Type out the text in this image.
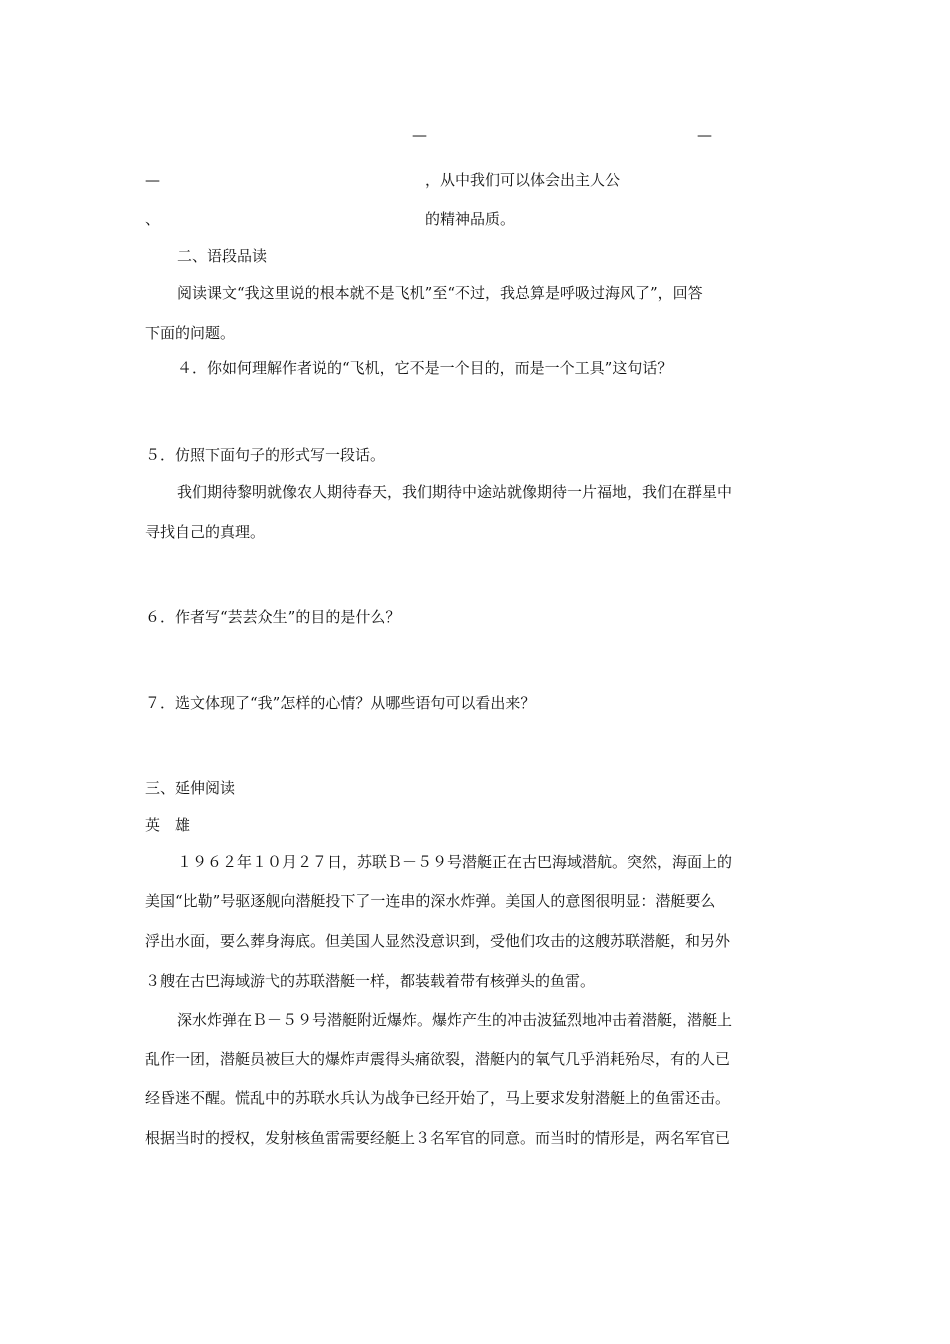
—	—
—	，从中我们可以体会出主人公
、	的精神品质。
二、语段品读
阅读课文“我这里说的根本就不是飞机”至“不过，我总算是呼吸过海风了”，回答
下面的问题。
４．你如何理解作者说的“飞机，它不是一个目的，而是一个工具”这句话？
５．仿照下面句子的形式写一段话。
我们期待黎明就像农人期待春天，我们期待中途站就像期待一片福地，我们在群星中
寻找自己的真理。
６．作者写“芸芸众生”的目的是什么？
７．选文体现了“我”怎样的心情？从哪些语句可以看出来？
三、延伸阅读
英　雄
１９６２年１０月２７日，苏联Ｂ－５９号潜艇正在古巴海域潜航。突然，海面上的
美国“比勒”号驱逐舰向潜艇投下了一连串的深水炸弹。美国人的意图很明显：潜艇要么
浮出水面，要么葬身海底。但美国人显然没意识到，受他们攻击的这艘苏联潜艇，和另外
３艘在古巴海域游弋的苏联潜艇一样，都装载着带有核弹头的鱼雷。
深水炸弹在Ｂ－５９号潜艇附近爆炸。爆炸产生的冲击波猛烈地冲击着潜艇，潜艇上
乱作一团，潜艇员被巨大的爆炸声震得头痛欲裂，潜艇内的氧气几乎消耗殆尽，有的人已
经昏迷不醒。慌乱中的苏联水兵认为战争已经开始了，马上要求发射潜艇上的鱼雷还击。
根据当时的授权，发射核鱼雷需要经艇上３名军官的同意。而当时的情形是，两名军官已
